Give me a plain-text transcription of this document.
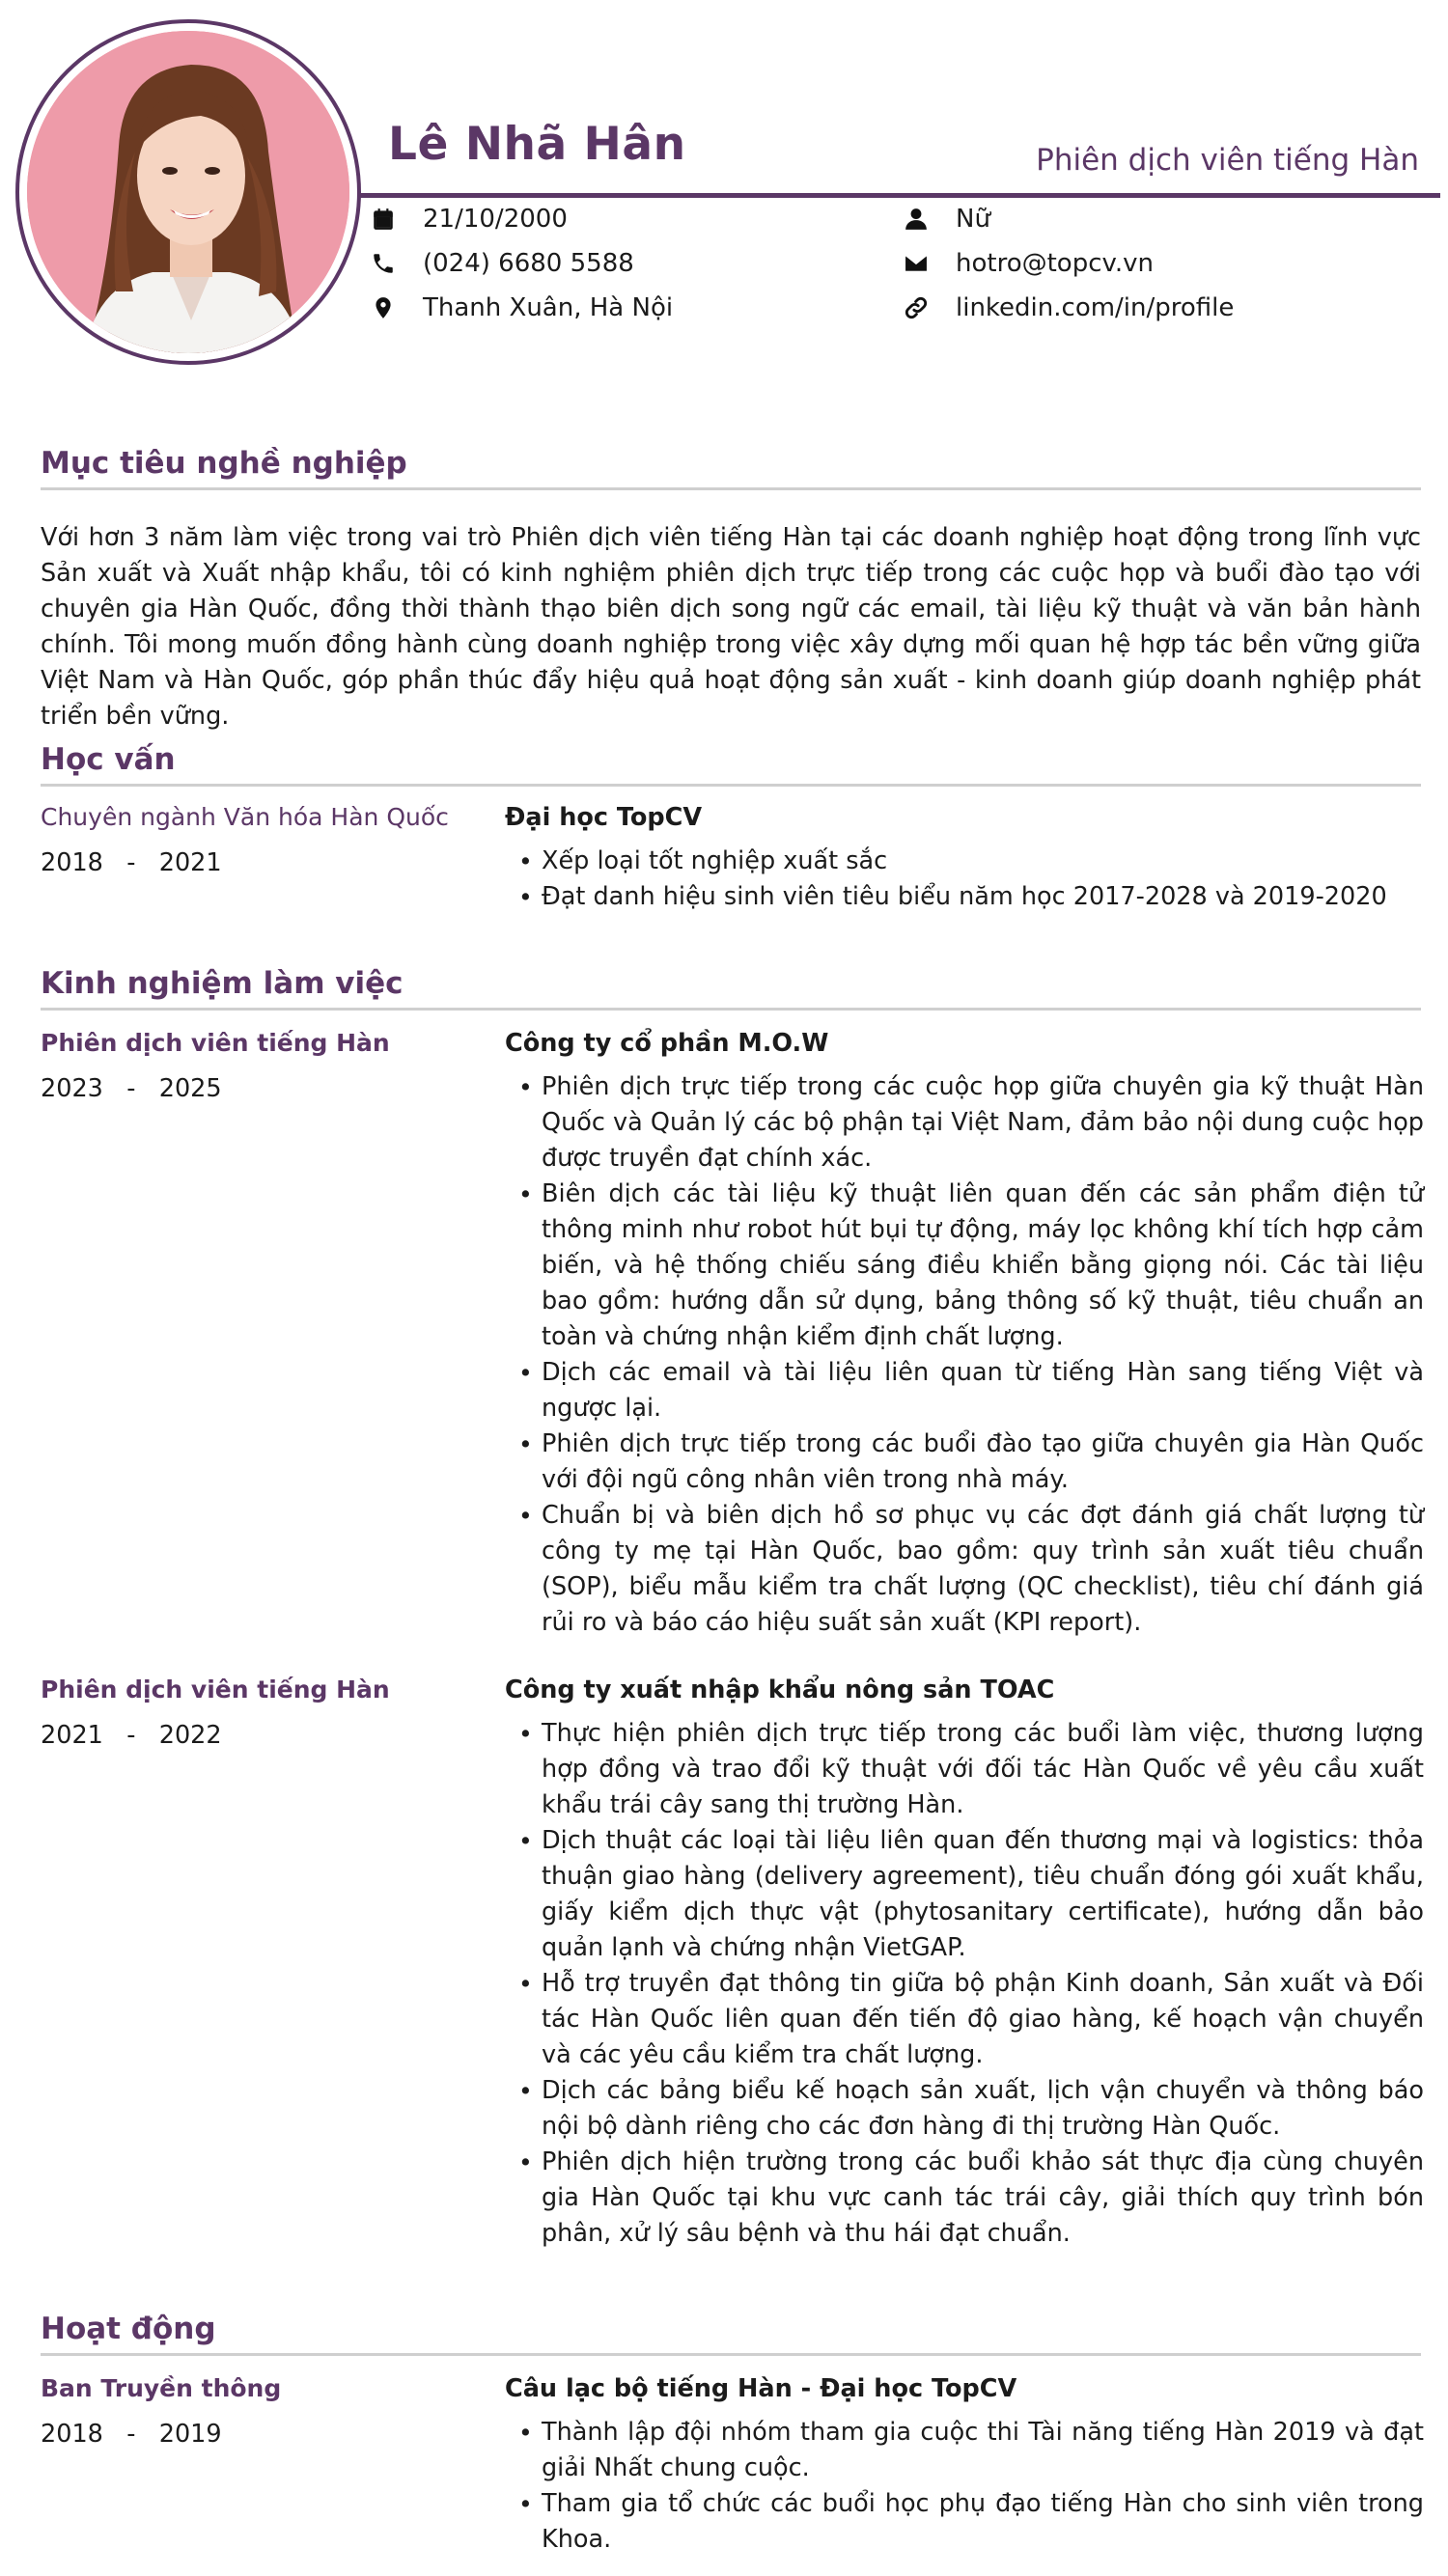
Lê Nhã Hân	Phiên dịch viên tiếng Hàn
21/10/2000
(024) 6680 5588
Thanh Xuân, Hà Nội
Nữ
hotro@topcv.vn
linkedin.com/in/profile
Mục tiêu nghề nghiệp
Với hơn 3 năm làm việc trong vai trò Phiên dịch viên tiếng Hàn tại các doanh nghiệp hoạt động trong lĩnh vực Sản xuất và Xuất nhập khẩu, tôi có kinh nghiệm phiên dịch trực tiếp trong các cuộc họp và buổi đào tạo với chuyên gia Hàn Quốc, đồng thời thành thạo biên dịch song ngữ các email, tài liệu kỹ thuật và văn bản hành chính. Tôi mong muốn đồng hành cùng doanh nghiệp trong việc xây dựng mối quan hệ hợp tác bền vững giữa Việt Nam và Hàn Quốc, góp phần thúc đẩy hiệu quả hoạt động sản xuất - kinh doanh giúp doanh nghiệp phát triển bền vững.
Học vấn
Chuyên ngành Văn hóa Hàn Quốc
2018   -   2021
Đại học TopCV
• Xếp loại tốt nghiệp xuất sắc
• Đạt danh hiệu sinh viên tiêu biểu năm học 2017-2028 và 2019-2020
Kinh nghiệm làm việc
Phiên dịch viên tiếng Hàn
2023   -   2025
Công ty cổ phần M.O.W
• Phiên dịch trực tiếp trong các cuộc họp giữa chuyên gia kỹ thuật Hàn Quốc và Quản lý các bộ phận tại Việt Nam, đảm bảo nội dung cuộc họp được truyền đạt chính xác.
• Biên dịch các tài liệu kỹ thuật liên quan đến các sản phẩm điện tử thông minh như robot hút bụi tự động, máy lọc không khí tích hợp cảm biến, và hệ thống chiếu sáng điều khiển bằng giọng nói. Các tài liệu bao gồm: hướng dẫn sử dụng, bảng thông số kỹ thuật, tiêu chuẩn an toàn và chứng nhận kiểm định chất lượng.
• Dịch các email và tài liệu liên quan từ tiếng Hàn sang tiếng Việt và ngược lại.
• Phiên dịch trực tiếp trong các buổi đào tạo giữa chuyên gia Hàn Quốc với đội ngũ công nhân viên trong nhà máy.
• Chuẩn bị và biên dịch hồ sơ phục vụ các đợt đánh giá chất lượng từ công ty mẹ tại Hàn Quốc, bao gồm: quy trình sản xuất tiêu chuẩn (SOP), biểu mẫu kiểm tra chất lượng (QC checklist), tiêu chí đánh giá rủi ro và báo cáo hiệu suất sản xuất (KPI report).
Phiên dịch viên tiếng Hàn
2021   -   2022
Công ty xuất nhập khẩu nông sản TOAC
• Thực hiện phiên dịch trực tiếp trong các buổi làm việc, thương lượng hợp đồng và trao đổi kỹ thuật với đối tác Hàn Quốc về yêu cầu xuất khẩu trái cây sang thị trường Hàn.
• Dịch thuật các loại tài liệu liên quan đến thương mại và logistics: thỏa thuận giao hàng (delivery agreement), tiêu chuẩn đóng gói xuất khẩu, giấy kiểm dịch thực vật (phytosanitary certificate), hướng dẫn bảo quản lạnh và chứng nhận VietGAP.
• Hỗ trợ truyền đạt thông tin giữa bộ phận Kinh doanh, Sản xuất và Đối tác Hàn Quốc liên quan đến tiến độ giao hàng, kế hoạch vận chuyển và các yêu cầu kiểm tra chất lượng.
• Dịch các bảng biểu kế hoạch sản xuất, lịch vận chuyển và thông báo nội bộ dành riêng cho các đơn hàng đi thị trường Hàn Quốc.
• Phiên dịch hiện trường trong các buổi khảo sát thực địa cùng chuyên gia Hàn Quốc tại khu vực canh tác trái cây, giải thích quy trình bón phân, xử lý sâu bệnh và thu hái đạt chuẩn.
Hoạt động
Ban Truyền thông
2018   -   2019
Câu lạc bộ tiếng Hàn - Đại học TopCV
• Thành lập đội nhóm tham gia cuộc thi Tài năng tiếng Hàn 2019 và đạt giải Nhất chung cuộc.
• Tham gia tổ chức các buổi học phụ đạo tiếng Hàn cho sinh viên trong Khoa.
